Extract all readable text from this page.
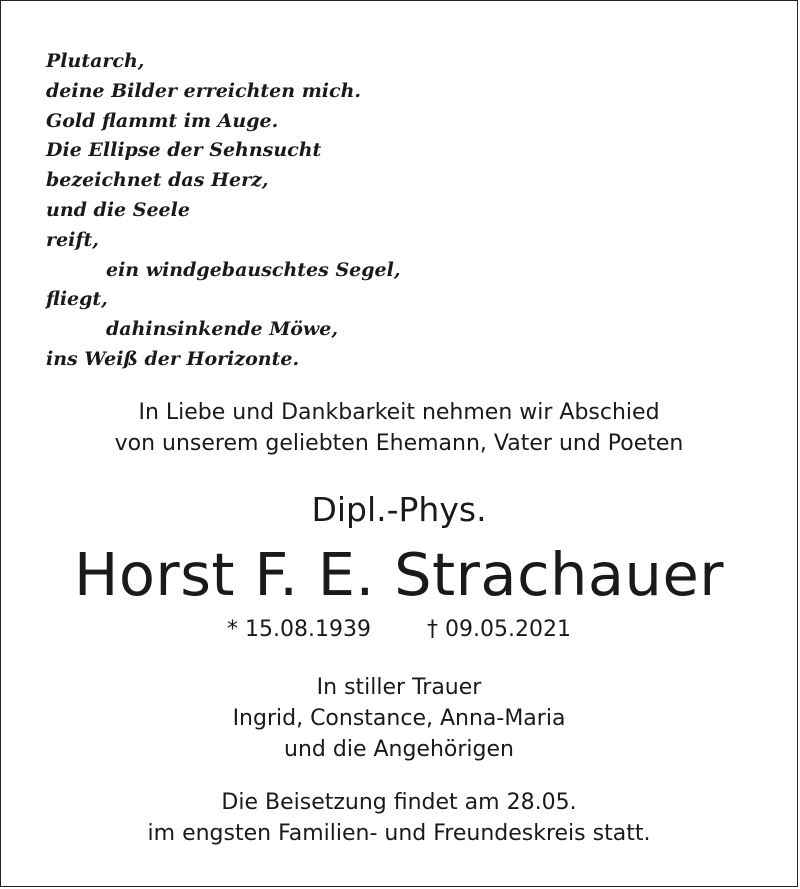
Plutarch,
deine Bilder erreichten mich.
Gold flammt im Auge.
Die Ellipse der Sehnsucht
bezeichnet das Herz,
und die Seele
reift,
ein windgebauschtes Segel,
fliegt,
dahinsinkende Möwe,
ins Weiß der Horizonte.
In Liebe und Dankbarkeit nehmen wir Abschied
von unserem geliebten Ehemann, Vater und Poeten
Dipl.-Phys.
Horst F. E. Strachauer
* 15.08.1939	† 09.05.2021
In stiller Trauer
Ingrid, Constance, Anna-Maria
und die Angehörigen
Die Beisetzung findet am 28.05.
im engsten Familien- und Freundeskreis statt.
